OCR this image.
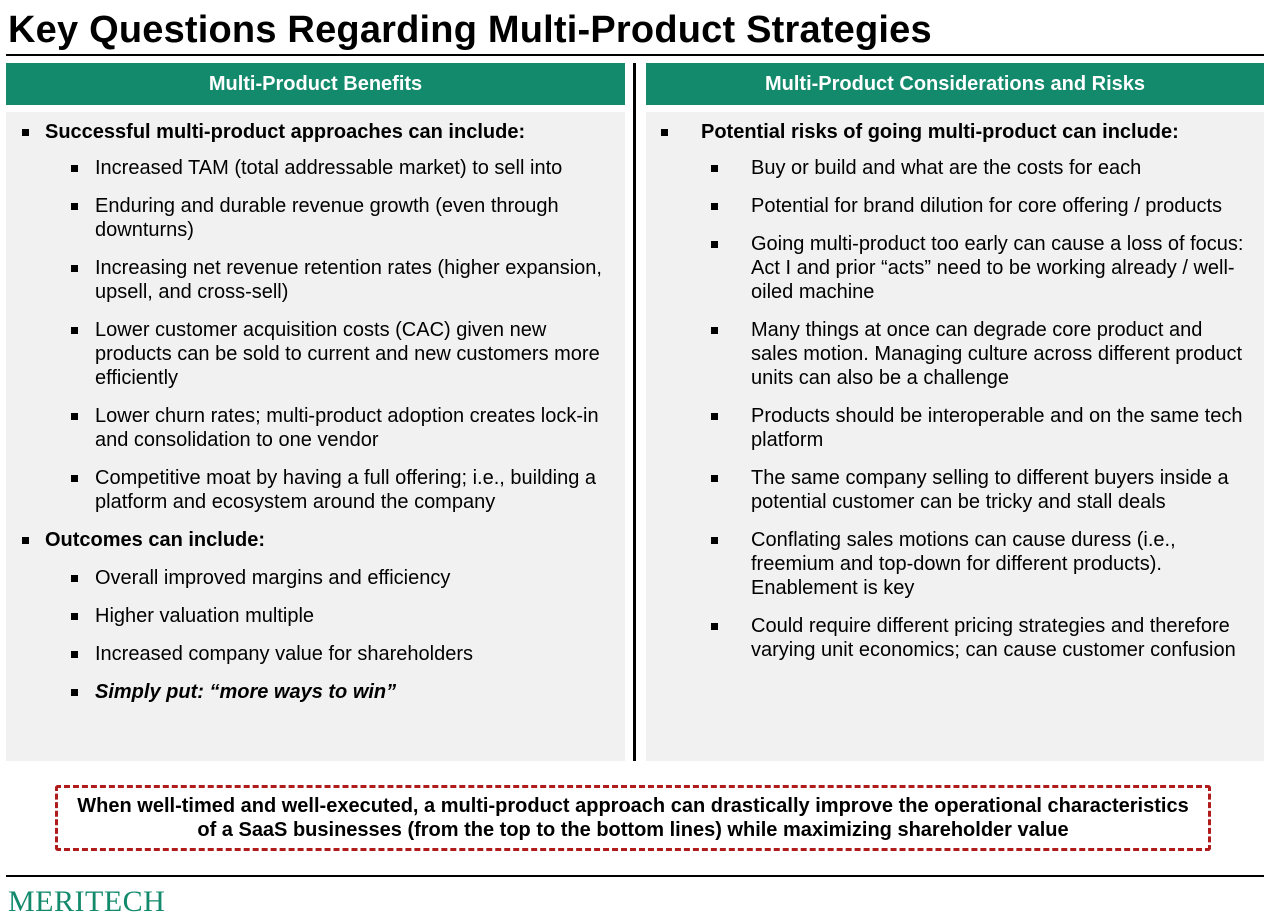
Key Questions Regarding Multi-Product Strategies
Multi-Product Benefits
Successful multi-product approaches can include:
Increased TAM (total addressable market) to sell into
Enduring and durable revenue growth (even through downturns)
Increasing net revenue retention rates (higher expansion, upsell, and cross-sell)
Lower customer acquisition costs (CAC) given new products can be sold to current and new customers more efficiently
Lower churn rates; multi-product adoption creates lock-in and consolidation to one vendor
Competitive moat by having a full offering; i.e., building a platform and ecosystem around the company
Outcomes can include:
Overall improved margins and efficiency
Higher valuation multiple
Increased company value for shareholders
Simply put: “more ways to win”
Multi-Product Considerations and Risks
Potential risks of going multi-product can include:
Buy or build and what are the costs for each
Potential for brand dilution for core offering / products
Going multi-product too early can cause a loss of focus: Act I and prior “acts” need to be working already / well-oiled machine
Many things at once can degrade core product and sales motion. Managing culture across different product units can also be a challenge
Products should be interoperable and on the same tech platform
The same company selling to different buyers inside a potential customer can be tricky and stall deals
Conflating sales motions can cause duress (i.e., freemium and top-down for different products). Enablement is key
Could require different pricing strategies and therefore varying unit economics; can cause customer confusion
When well-timed and well-executed, a multi-product approach can drastically improve the operational characteristics of a SaaS businesses (from the top to the bottom lines) while maximizing shareholder value
MERITECH
